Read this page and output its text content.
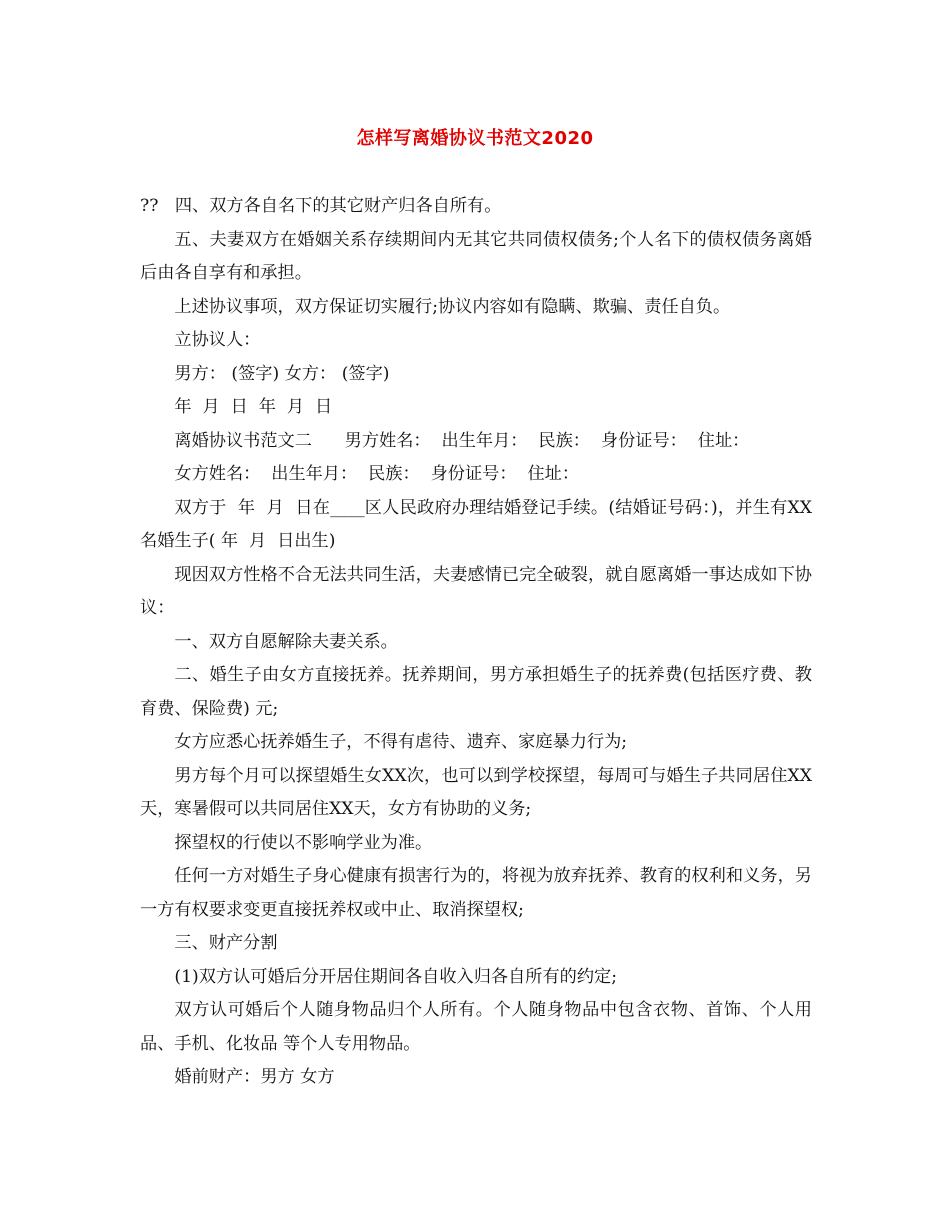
怎样写离婚协议书范文2020

??   四、双方各自名下的其它财产归各自所有。

五、夫妻双方在婚姻关系存续期间内无其它共同债权债务;个人名下的债权债务离婚后由各自享有和承担。

上述协议事项，双方保证切实履行;协议内容如有隐瞒、欺骗、责任自负。

立协议人：

男方： (签字) 女方： (签字)

年  月  日  年  月  日

离婚协议书范文二      男方姓名：  出生年月：  民族：  身份证号：  住址：

女方姓名：  出生年月：  民族：  身份证号：  住址：

双方于  年  月  日在____区人民政府办理结婚登记手续。(结婚证号码：)，并生有XX名婚生子( 年  月  日出生)

现因双方性格不合无法共同生活，夫妻感情已完全破裂，就自愿离婚一事达成如下协议：

一、双方自愿解除夫妻关系。

二、婚生子由女方直接抚养。抚养期间，男方承担婚生子的抚养费(包括医疗费、教育费、保险费) 元;

女方应悉心抚养婚生子，不得有虐待、遗弃、家庭暴力行为;

男方每个月可以探望婚生女XX次，也可以到学校探望，每周可与婚生子共同居住XX天，寒暑假可以共同居住XX天，女方有协助的义务;

探望权的行使以不影响学业为准。

任何一方对婚生子身心健康有损害行为的，将视为放弃抚养、教育的权利和义务，另一方有权要求变更直接抚养权或中止、取消探望权;

三、财产分割

(1)双方认可婚后分开居住期间各自收入归各自所有的约定;

双方认可婚后个人随身物品归个人所有。个人随身物品中包含衣物、首饰、个人用品、手机、化妆品 等个人专用物品。

婚前财产：男方 女方
